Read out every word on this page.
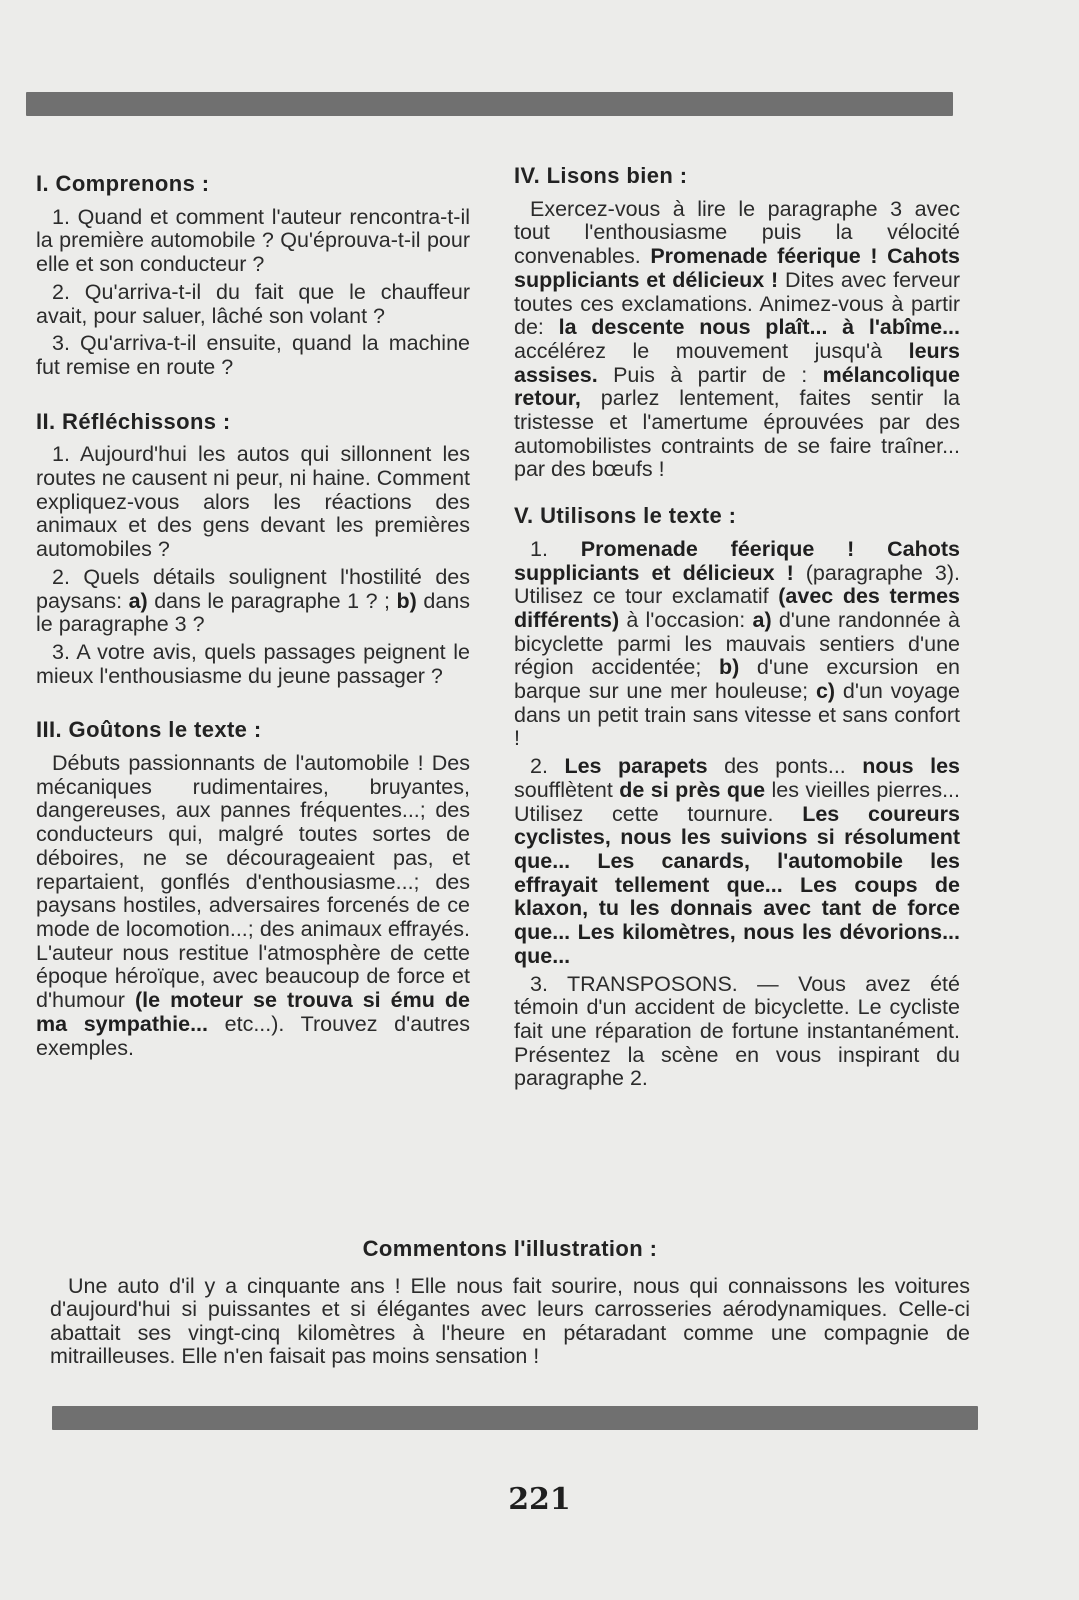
I. Comprenons :

1. Quand et comment l'auteur rencontra-t-il la première automobile ? Qu'éprouva-t-il pour elle et son conducteur ?

2. Qu'arriva-t-il du fait que le chauffeur avait, pour saluer, lâché son volant ?

3. Qu'arriva-t-il ensuite, quand la machine fut remise en route ?

II. Réfléchissons :

1. Aujourd'hui les autos qui sillonnent les routes ne causent ni peur, ni haine. Comment expliquez-vous alors les réactions des animaux et des gens devant les premières automobiles ?

2. Quels détails soulignent l'hostilité des paysans: a) dans le paragraphe 1 ? ; b) dans le paragraphe 3 ?

3. A votre avis, quels passages peignent le mieux l'enthousiasme du jeune passager ?

III. Goûtons le texte :

Débuts passionnants de l'automobile ! Des mécaniques rudimentaires, bruyantes, dangereuses, aux pannes fréquentes...; des conducteurs qui, malgré toutes sortes de déboires, ne se décourageaient pas, et repartaient, gonflés d'enthousiasme...; des paysans hostiles, adversaires forcenés de ce mode de locomotion...; des animaux effrayés. L'auteur nous restitue l'atmosphère de cette époque héroïque, avec beaucoup de force et d'humour (le moteur se trouva si ému de ma sympathie... etc...). Trouvez d'autres exemples.

IV. Lisons bien :

Exercez-vous à lire le paragraphe 3 avec tout l'enthousiasme puis la vélocité convenables. Promenade féerique ! Cahots suppliciants et délicieux ! Dites avec ferveur toutes ces exclamations. Animez-vous à partir de: la descente nous plaît... à l'abîme... accélérez le mouvement jusqu'à leurs assises. Puis à partir de : mélancolique retour, parlez lentement, faites sentir la tristesse et l'amertume éprouvées par des automobilistes contraints de se faire traîner... par des bœufs !

V. Utilisons le texte :

1. Promenade féerique ! Cahots suppliciants et délicieux ! (paragraphe 3). Utilisez ce tour exclamatif (avec des termes différents) à l'occasion: a) d'une randonnée à bicyclette parmi les mauvais sentiers d'une région accidentée; b) d'une excursion en barque sur une mer houleuse; c) d'un voyage dans un petit train sans vitesse et sans confort !

2. Les parapets des ponts... nous les soufflètent de si près que les vieilles pierres... Utilisez cette tournure. Les coureurs cyclistes, nous les suivions si résolument que... Les canards, l'automobile les effrayait tellement que... Les coups de klaxon, tu les donnais avec tant de force que... Les kilomètres, nous les dévorions... que...

3. TRANSPOSONS. — Vous avez été témoin d'un accident de bicyclette. Le cycliste fait une réparation de fortune instantanément. Présentez la scène en vous inspirant du paragraphe 2.

Commentons l'illustration :

Une auto d'il y a cinquante ans ! Elle nous fait sourire, nous qui connaissons les voitures d'aujourd'hui si puissantes et si élégantes avec leurs carrosseries aérodynamiques. Celle-ci abattait ses vingt-cinq kilomètres à l'heure en pétaradant comme une compagnie de mitrailleuses. Elle n'en faisait pas moins sensation !

221
